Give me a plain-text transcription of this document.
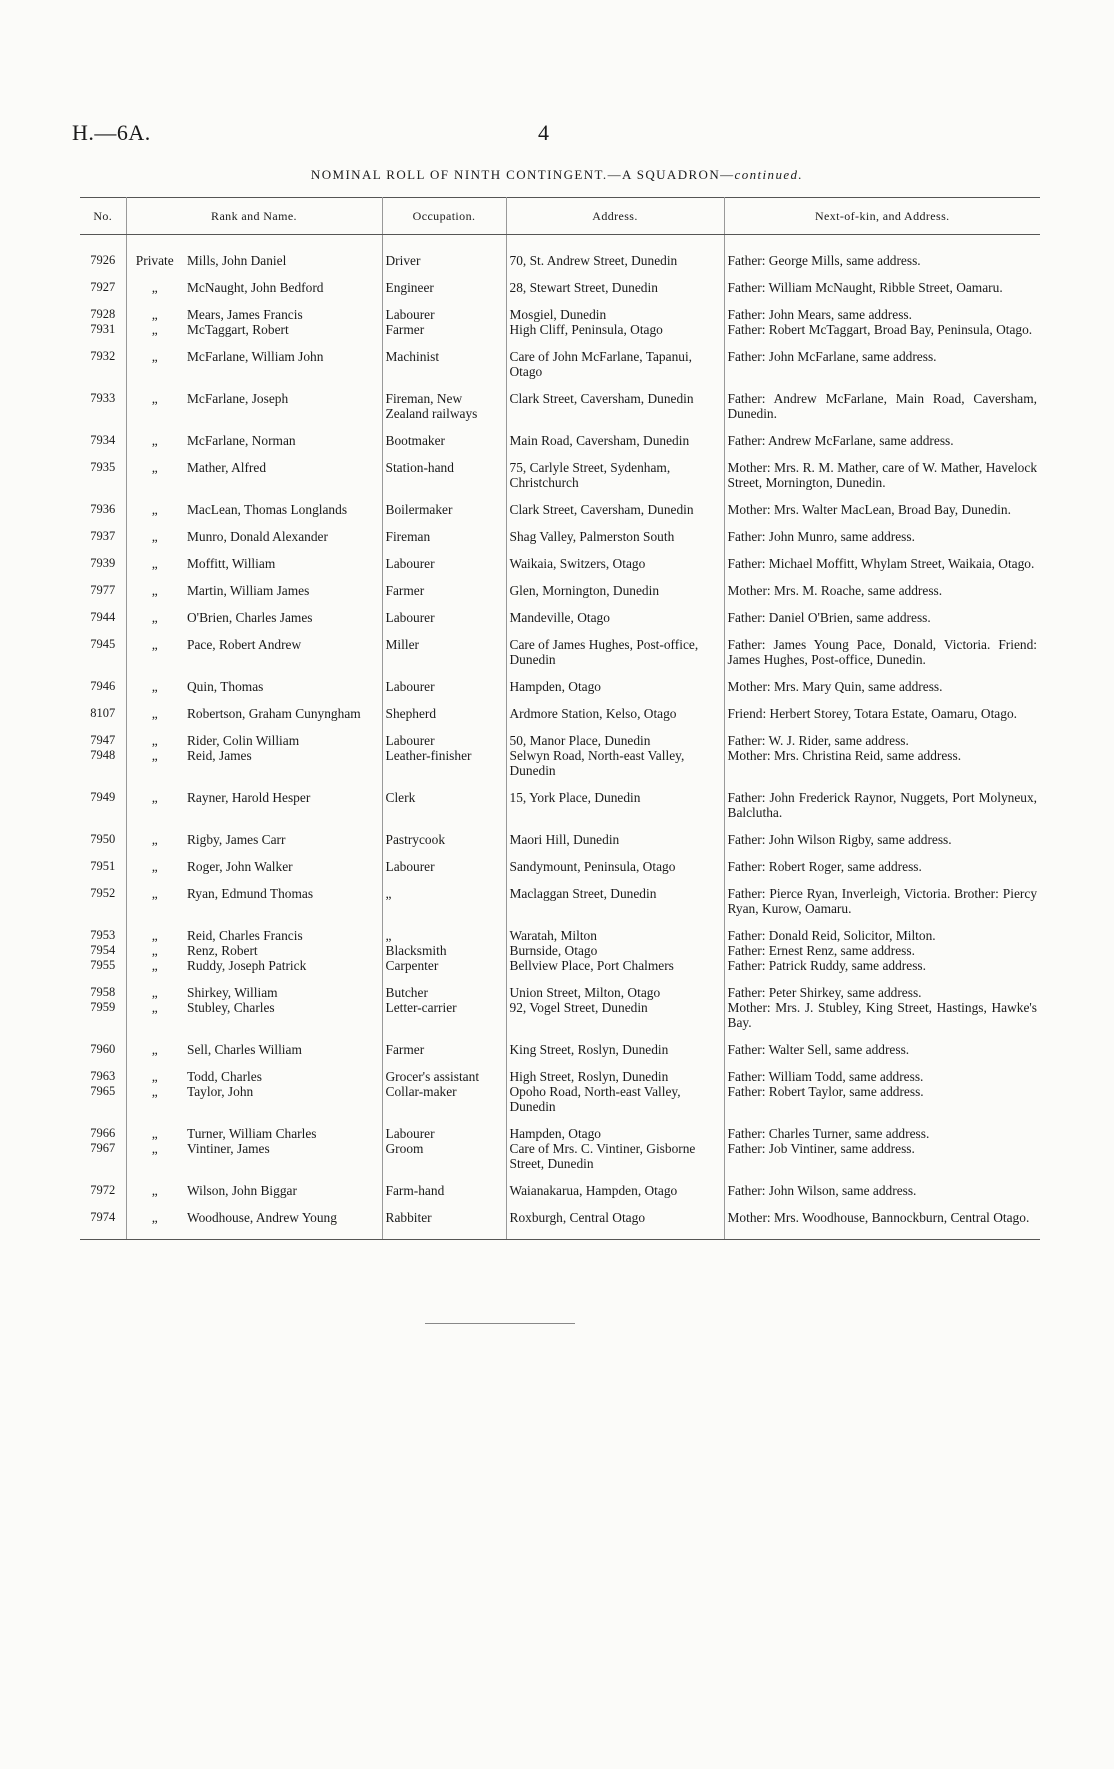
H.—6A.	4
NOMINAL ROLL OF NINTH CONTINGENT.—A SQUADRON—continued.
No.	Rank and Name.		Occupation.	Address.	Next-of-kin, and Address.

7926	Private	Mills, John Daniel	Driver	70, St. Andrew Street, Dunedin	Father: George Mills, same address.
7927	„	McNaught, John Bedford	Engineer	28, Stewart Street, Dunedin	Father: William McNaught, Ribble Street, Oamaru.
7928	„	Mears, James Francis	Labourer	Mosgiel, Dunedin	Father: John Mears, same address.
7931	„	McTaggart, Robert	Farmer	High Cliff, Peninsula, Otago	Father: Robert McTaggart, Broad Bay, Peninsula, Otago.
7932	„	McFarlane, William John	Machinist	Care of John McFarlane, Tapanui, Otago	Father: John McFarlane, same address.
7933	„	McFarlane, Joseph	Fireman, New Zealand railways	Clark Street, Caversham, Dunedin	Father: Andrew McFarlane, Main Road, Caversham, Dunedin.
7934	„	McFarlane, Norman	Bootmaker	Main Road, Caversham, Dunedin	Father: Andrew McFarlane, same address.
7935	„	Mather, Alfred	Station-hand	75, Carlyle Street, Sydenham, Christchurch	Mother: Mrs. R. M. Mather, care of W. Mather, Havelock Street, Mornington, Dunedin.
7936	„	MacLean, Thomas Longlands	Boilermaker	Clark Street, Caversham, Dunedin	Mother: Mrs. Walter MacLean, Broad Bay, Dunedin.
7937	„	Munro, Donald Alexander	Fireman	Shag Valley, Palmerston South	Father: John Munro, same address.
7939	„	Moffitt, William	Labourer	Waikaia, Switzers, Otago	Father: Michael Moffitt, Whylam Street, Waikaia, Otago.
7977	„	Martin, William James	Farmer	Glen, Mornington, Dunedin	Mother: Mrs. M. Roache, same address.
7944	„	O'Brien, Charles James	Labourer	Mandeville, Otago	Father: Daniel O'Brien, same address.
7945	„	Pace, Robert Andrew	Miller	Care of James Hughes, Post-office, Dunedin	Father: James Young Pace, Donald, Victoria. Friend: James Hughes, Post-office, Dunedin.
7946	„	Quin, Thomas	Labourer	Hampden, Otago	Mother: Mrs. Mary Quin, same address.
8107	„	Robertson, Graham Cunyngham	Shepherd	Ardmore Station, Kelso, Otago	Friend: Herbert Storey, Totara Estate, Oamaru, Otago.
7947	„	Rider, Colin William	Labourer	50, Manor Place, Dunedin	Father: W. J. Rider, same address.
7948	„	Reid, James	Leather-finisher	Selwyn Road, North-east Valley, Dunedin	Mother: Mrs. Christina Reid, same address.
7949	„	Rayner, Harold Hesper	Clerk	15, York Place, Dunedin	Father: John Frederick Raynor, Nuggets, Port Molyneux, Balclutha.
7950	„	Rigby, James Carr	Pastrycook	Maori Hill, Dunedin	Father: John Wilson Rigby, same address.
7951	„	Roger, John Walker	Labourer	Sandymount, Peninsula, Otago	Father: Robert Roger, same address.
7952	„	Ryan, Edmund Thomas	„	Maclaggan Street, Dunedin	Father: Pierce Ryan, Inverleigh, Victoria. Brother: Piercy Ryan, Kurow, Oamaru.
7953	„	Reid, Charles Francis	„	Waratah, Milton	Father: Donald Reid, Solicitor, Milton.
7954	„	Renz, Robert	Blacksmith	Burnside, Otago	Father: Ernest Renz, same address.
7955	„	Ruddy, Joseph Patrick	Carpenter	Bellview Place, Port Chalmers	Father: Patrick Ruddy, same address.
7958	„	Shirkey, William	Butcher	Union Street, Milton, Otago	Father: Peter Shirkey, same address.
7959	„	Stubley, Charles	Letter-carrier	92, Vogel Street, Dunedin	Mother: Mrs. J. Stubley, King Street, Hastings, Hawke's Bay.
7960	„	Sell, Charles William	Farmer	King Street, Roslyn, Dunedin	Father: Walter Sell, same address.
7963	„	Todd, Charles	Grocer's assistant	High Street, Roslyn, Dunedin	Father: William Todd, same address.
7965	„	Taylor, John	Collar-maker	Opoho Road, North-east Valley, Dunedin	Father: Robert Taylor, same address.
7966	„	Turner, William Charles	Labourer	Hampden, Otago	Father: Charles Turner, same address.
7967	„	Vintiner, James	Groom	Care of Mrs. C. Vintiner, Gisborne Street, Dunedin	Father: Job Vintiner, same address.
7972	„	Wilson, John Biggar	Farm-hand	Waianakarua, Hampden, Otago	Father: John Wilson, same address.
7974	„	Woodhouse, Andrew Young	Rabbiter	Roxburgh, Central Otago	Mother: Mrs. Woodhouse, Bannockburn, Central Otago.
